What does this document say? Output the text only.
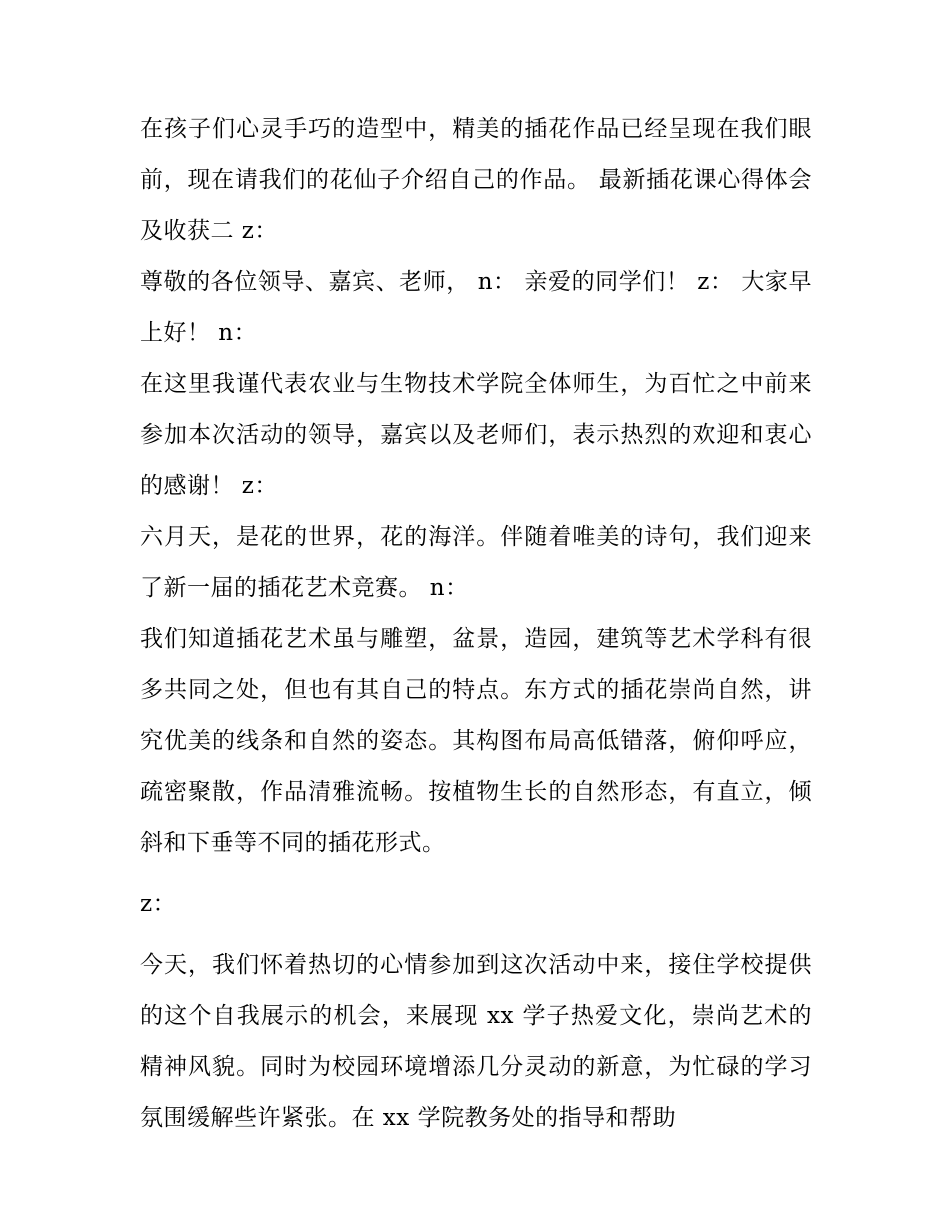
在孩子们心灵手巧的造型中，精美的插花作品已经呈现在我们眼前，现在请我们的花仙子介绍自己的作品。 最新插花课心得体会及收获二 z：

尊敬的各位领导、嘉宾、老师， n： 亲爱的同学们！ z： 大家早上好！ n：

在这里我谨代表农业与生物技术学院全体师生，为百忙之中前来参加本次活动的领导，嘉宾以及老师们，表示热烈的欢迎和衷心的感谢！ z：

六月天，是花的世界，花的海洋。伴随着唯美的诗句，我们迎来了新一届的插花艺术竞赛。 n：

我们知道插花艺术虽与雕塑，盆景，造园，建筑等艺术学科有很多共同之处，但也有其自己的特点。东方式的插花崇尚自然，讲究优美的线条和自然的姿态。其构图布局高低错落，俯仰呼应，疏密聚散，作品清雅流畅。按植物生长的自然形态，有直立，倾斜和下垂等不同的插花形式。

z：

今天，我们怀着热切的心情参加到这次活动中来，接住学校提供的这个自我展示的机会，来展现 xx 学子热爱文化，崇尚艺术的精神风貌。同时为校园环境增添几分灵动的新意，为忙碌的学习氛围缓解些许紧张。在 xx 学院教务处的指导和帮助
